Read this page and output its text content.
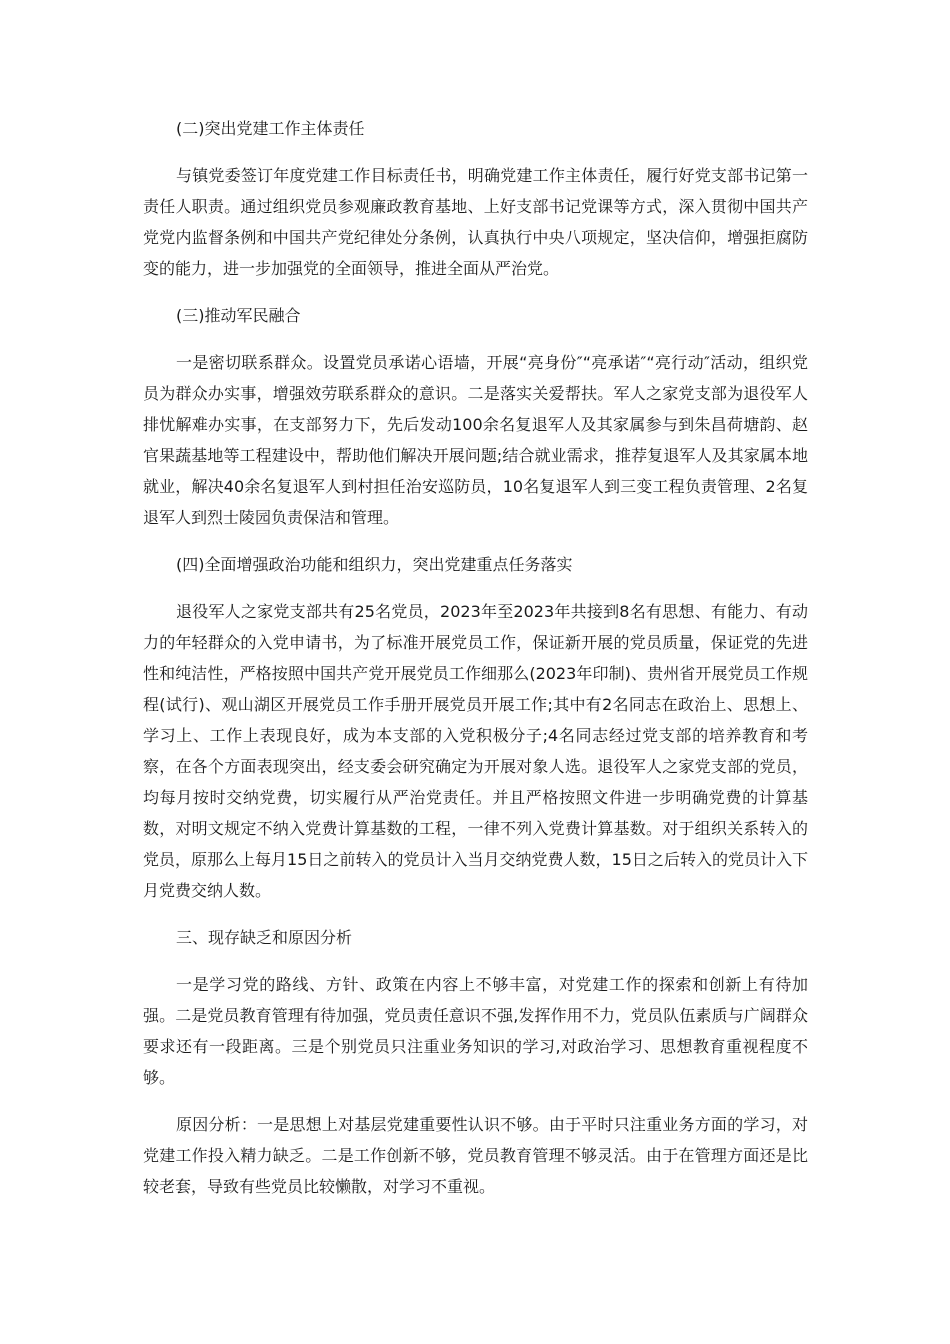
(二)突出党建工作主体责任

与镇党委签订年度党建工作目标责任书，明确党建工作主体责任，履行好党支部书记第一责任人职责。通过组织党员参观廉政教育基地、上好支部书记党课等方式，深入贯彻中国共产党党内监督条例和中国共产党纪律处分条例，认真执行中央八项规定，坚决信仰，增强拒腐防变的能力，进一步加强党的全面领导，推进全面从严治党。

(三)推动军民融合

一是密切联系群众。设置党员承诺心语墙，开展“亮身份″“亮承诺″“亮行动″活动，组织党员为群众办实事，增强效劳联系群众的意识。二是落实关爱帮扶。军人之家党支部为退役军人排忧解难办实事，在支部努力下，先后发动100余名复退军人及其家属参与到朱昌荷塘韵、赵官果蔬基地等工程建设中，帮助他们解决开展问题;结合就业需求，推荐复退军人及其家属本地就业，解决40余名复退军人到村担任治安巡防员，10名复退军人到三变工程负责管理、2名复退军人到烈士陵园负责保洁和管理。

(四)全面增强政治功能和组织力，突出党建重点任务落实

退役军人之家党支部共有25名党员，2023年至2023年共接到8名有思想、有能力、有动力的年轻群众的入党申请书，为了标准开展党员工作，保证新开展的党员质量，保证党的先进性和纯洁性，严格按照中国共产党开展党员工作细那么(2023年印制)、贵州省开展党员工作规程(试行)、观山湖区开展党员工作手册开展党员开展工作;其中有2名同志在政治上、思想上、学习上、工作上表现良好，成为本支部的入党积极分子;4名同志经过党支部的培养教育和考察，在各个方面表现突出，经支委会研究确定为开展对象人选。退役军人之家党支部的党员，均每月按时交纳党费，切实履行从严治党责任。并且严格按照文件进一步明确党费的计算基数，对明文规定不纳入党费计算基数的工程，一律不列入党费计算基数。对于组织关系转入的党员，原那么上每月15日之前转入的党员计入当月交纳党费人数，15日之后转入的党员计入下月党费交纳人数。

三、现存缺乏和原因分析

一是学习党的路线、方针、政策在内容上不够丰富，对党建工作的探索和创新上有待加强。二是党员教育管理有待加强，党员责任意识不强,发挥作用不力，党员队伍素质与广阔群众要求还有一段距离。三是个别党员只注重业务知识的学习,对政治学习、思想教育重视程度不够。

原因分析：一是思想上对基层党建重要性认识不够。由于平时只注重业务方面的学习，对党建工作投入精力缺乏。二是工作创新不够，党员教育管理不够灵活。由于在管理方面还是比较老套，导致有些党员比较懒散，对学习不重视。
